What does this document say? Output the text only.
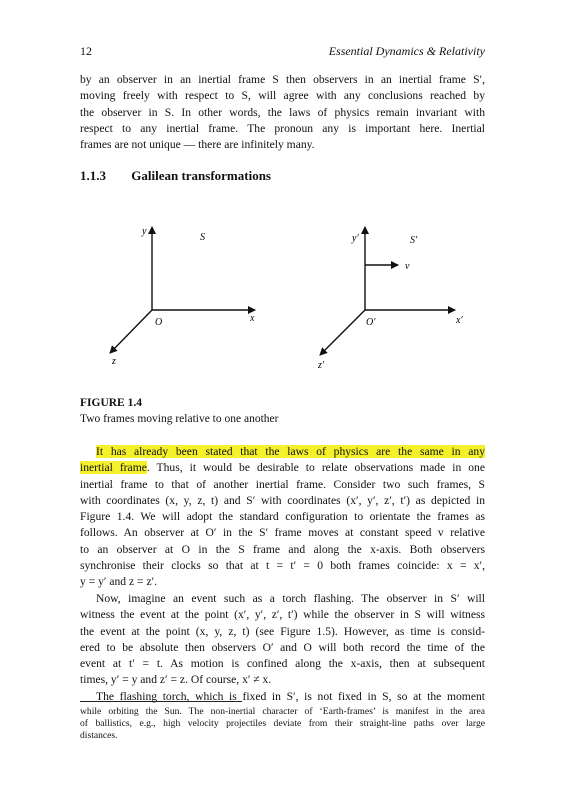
12	Essential Dynamics & Relativity
by an observer in an inertial frame S then observers in an inertial frame S′,
moving freely with respect to S, will agree with any conclusions reached by
the observer in S. In other words, the laws of physics remain invariant with
respect to any inertial frame. The pronoun any is important here. Inertial
frames are not unique — there are infinitely many.
1.1.3 Galilean transformations
y
x
z
O
S	y′
x′
z′
O′
S′
v
FIGURE 1.4
Two frames moving relative to one another
It has already been stated that the laws of physics are the same in any
inertial frame. Thus, it would be desirable to relate observations made in one
inertial frame to that of another inertial frame. Consider two such frames, S
with coordinates (x, y, z, t) and S′ with coordinates (x′, y′, z′, t′) as depicted in
Figure 1.4. We will adopt the standard configuration to orientate the frames as
follows. An observer at O′ in the S′ frame moves at constant speed v relative
to an observer at O in the S frame and along the x-axis. Both observers
synchronise their clocks so that at t = t′ = 0 both frames coincide: x = x′,
y = y′ and z = z′.
Now, imagine an event such as a torch flashing. The observer in S′ will
witness the event at the point (x′, y′, z′, t′) while the observer in S will witness
the event at the point (x, y, z, t) (see Figure 1.5). However, as time is consid-
ered to be absolute then observers O′ and O will both record the time of the
event at t′ = t. As motion is confined along the x-axis, then at subsequent
times, y′ = y and z′ = z. Of course, x′ ≠ x.
The flashing torch, which is fixed in S′, is not fixed in S, so at the moment
while orbiting the Sun. The non-inertial character of ‘Earth-frames’ is manifest in the area
of ballistics, e.g., high velocity projectiles deviate from their straight-line paths over large
distances.
